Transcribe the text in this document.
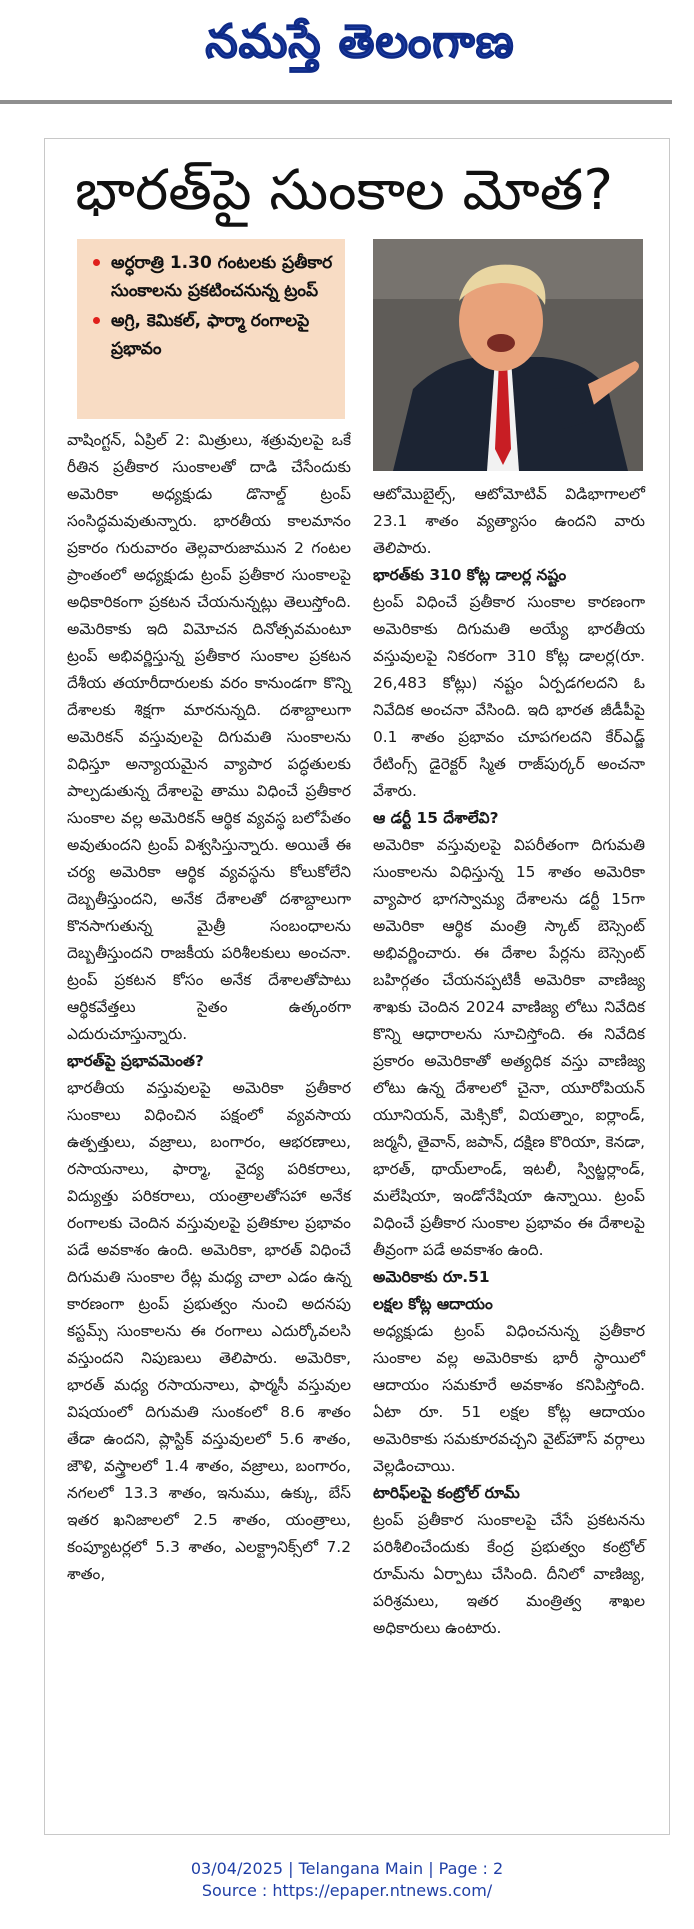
నమస్తే తెలంగాణ
భారత్‌పై సుంకాల మోత?
అర్ధరాత్రి 1.30 గంటలకు ప్రతీకార సుంకాలను ప్రకటించనున్న ట్రంప్
అగ్రి, కెమికల్, ఫార్మా రంగాలపై ప్రభావం

వాషింగ్టన్, ఏప్రిల్ 2: మిత్రులు, శత్రువులపై ఒకే రీతిన ప్రతీకార సుంకాలతో దాడి చేసేందుకు అమెరికా అధ్యక్షుడు డొనాల్డ్ ట్రంప్ సంసిద్ధమవుతున్నారు. భారతీయ కాలమానం ప్రకారం గురువారం తెల్లవారుజామున 2 గంటల ప్రాంతంలో అధ్యక్షుడు ట్రంప్ ప్రతీకార సుంకాలపై అధికారికంగా ప్రకటన చేయనున్నట్లు తెలుస్తోంది. అమెరికాకు ఇది విమోచన దినోత్సవమంటూ ట్రంప్ అభివర్ణిస్తున్న ప్రతీకార సుంకాల ప్రకటన దేశీయ తయారీదారులకు వరం కానుండగా కొన్ని దేశాలకు శిక్షగా మారనున్నది. దశాబ్దాలుగా అమెరికన్ వస్తువులపై దిగుమతి సుంకాలను విధిస్తూ అన్యాయమైన వ్యాపార పద్ధతులకు పాల్పడుతున్న దేశాలపై తాము విధించే ప్రతీకార సుంకాల వల్ల అమెరికన్ ఆర్థిక వ్యవస్థ బలోపేతం అవుతుందని ట్రంప్ విశ్వసిస్తున్నారు. అయితే ఈ చర్య అమెరికా ఆర్థిక వ్యవస్థను కోలుకోలేని దెబ్బతీస్తుందని, అనేక దేశాలతో దశాబ్దాలుగా కొనసాగుతున్న మైత్రీ సంబంధాలను దెబ్బతీస్తుందని రాజకీయ పరిశీలకులు అంచనా. ట్రంప్ ప్రకటన కోసం అనేక దేశాలతోపాటు ఆర్థికవేత్తలు సైతం ఉత్కంఠగా ఎదురుచూస్తున్నారు.

భారత్‌పై ప్రభావమెంత?

భారతీయ వస్తువులపై అమెరికా ప్రతీకార సుంకాలు విధించిన పక్షంలో వ్యవసాయ ఉత్పత్తులు, వజ్రాలు, బంగారం, ఆభరణాలు, రసాయనాలు, ఫార్మా, వైద్య పరికరాలు, విద్యుత్తు పరికరాలు, యంత్రాలతోసహా అనేక రంగాలకు చెందిన వస్తువులపై ప్రతికూల ప్రభావం పడే అవకాశం ఉంది. అమెరికా, భారత్ విధించే దిగుమతి సుంకాల రేట్ల మధ్య చాలా ఎడం ఉన్న కారణంగా ట్రంప్ ప్రభుత్వం నుంచి అదనపు కస్టమ్స్ సుంకాలను ఈ రంగాలు ఎదుర్కోవలసి వస్తుందని నిపుణులు తెలిపారు. అమెరికా, భారత్ మధ్య రసాయనాలు, ఫార్మసీ వస్తువుల విషయంలో దిగుమతి సుంకంలో 8.6 శాతం తేడా ఉందని, ప్లాస్టిక్ వస్తువులలో 5.6 శాతం, జౌళి, వస్త్రాలలో 1.4 శాతం, వజ్రాలు, బంగారం, నగలలో 13.3 శాతం, ఇనుము, ఉక్కు, బేస్ ఇతర ఖనిజాలలో 2.5 శాతం, యంత్రాలు, కంప్యూటర్లలో 5.3 శాతం, ఎలక్ట్రానిక్స్‌లో 7.2 శాతం,

ఆటోమొబైల్స్, ఆటోమోటివ్ విడిభాగాలలో 23.1 శాతం వ్యత్యాసం ఉందని వారు తెలిపారు.

భారత్‌కు 310 కోట్ల డాలర్ల నష్టం

ట్రంప్ విధించే ప్రతీకార సుంకాల కారణంగా అమెరికాకు దిగుమతి అయ్యే భారతీయ వస్తువులపై నికరంగా 310 కోట్ల డాలర్ల(రూ. 26,483 కోట్లు) నష్టం ఏర్పడగలదని ఓ నివేదిక అంచనా వేసింది. ఇది భారత జీడీపీపై 0.1 శాతం ప్రభావం చూపగలదని కేర్‌ఎడ్జ్ రేటింగ్స్ డైరెక్టర్ స్మిత రాజ్‌పుర్కర్ అంచనా వేశారు.

ఆ డర్టీ 15 దేశాలేవి?

అమెరికా వస్తువులపై విపరీతంగా దిగుమతి సుంకాలను విధిస్తున్న 15 శాతం అమెరికా వ్యాపార భాగస్వామ్య దేశాలను డర్టీ 15గా అమెరికా ఆర్థిక మంత్రి స్కాట్ బెస్సెంట్ అభివర్ణించారు. ఈ దేశాల పేర్లను బెస్సెంట్ బహిర్గతం చేయనప్పటికీ అమెరికా వాణిజ్య శాఖకు చెందిన 2024 వాణిజ్య లోటు నివేదిక కొన్ని ఆధారాలను సూచిస్తోంది. ఈ నివేదిక ప్రకారం అమెరికాతో అత్యధిక వస్తు వాణిజ్య లోటు ఉన్న దేశాలలో చైనా, యూరోపియన్ యూనియన్, మెక్సికో, వియత్నాం, ఐర్లాండ్, జర్మనీ, తైవాన్, జపాన్, దక్షిణ కొరియా, కెనడా, భారత్, థాయ్‌లాండ్, ఇటలీ, స్విట్జర్లాండ్, మలేషియా, ఇండోనేషియా ఉన్నాయి. ట్రంప్ విధించే ప్రతీకార సుంకాల ప్రభావం ఈ దేశాలపై తీవ్రంగా పడే అవకాశం ఉంది.

అమెరికాకు రూ.51

లక్షల కోట్ల ఆదాయం

అధ్యక్షుడు ట్రంప్ విధించనున్న ప్రతీకార సుంకాల వల్ల అమెరికాకు భారీ స్థాయిలో ఆదాయం సమకూరే అవకాశం కనిపిస్తోంది. ఏటా రూ. 51 లక్షల కోట్ల ఆదాయం అమెరికాకు సమకూరవచ్చని వైట్‌హౌస్ వర్గాలు వెల్లడించాయి.

టారిఫ్‌లపై కంట్రోల్ రూమ్

ట్రంప్ ప్రతీకార సుంకాలపై చేసే ప్రకటనను పరిశీలించేందుకు కేంద్ర ప్రభుత్వం కంట్రోల్ రూమ్‌ను ఏర్పాటు చేసింది. దీనిలో వాణిజ్య, పరిశ్రమలు, ఇతర మంత్రిత్వ శాఖల అధికారులు ఉంటారు.

03/04/2025 | Telangana Main | Page : 2
Source : https://epaper.ntnews.com/
